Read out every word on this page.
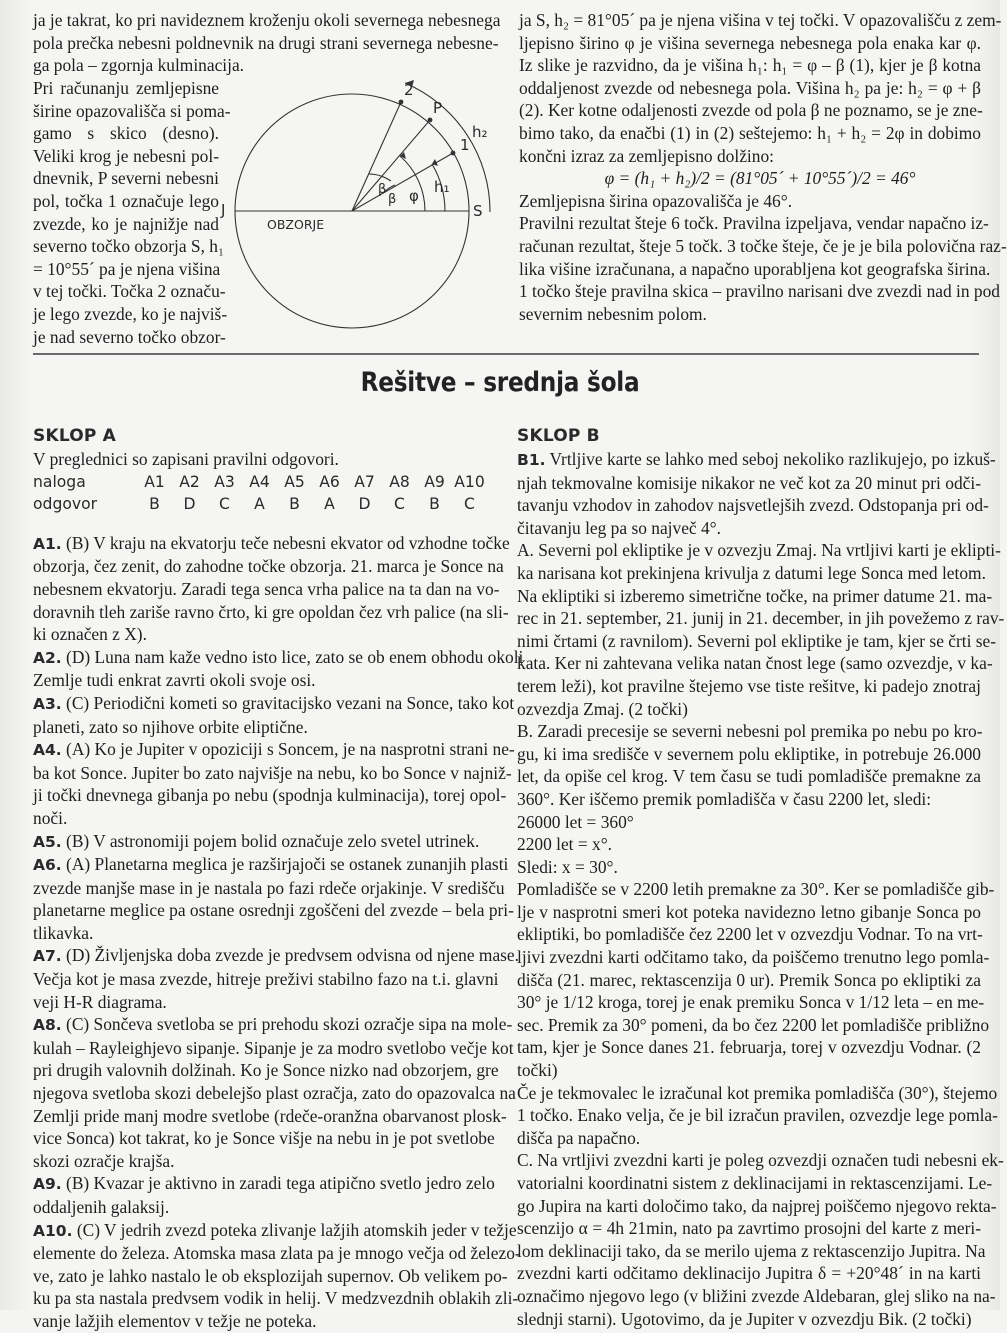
ja je takrat, ko pri navideznem kroženju okoli severnega nebesnega
pola prečka nebesni poldnevnik na drugi strani severnega nebesne-
ga pola – zgornja kulminacija.
Pri računanju zemljepisne
širine opazovališča si poma-
gamo s skico (desno).
Veliki krog je nebesni pol-
dnevnik, P severni nebesni
pol, točka 1 označuje lego
zvezde, ko je najnižje nad
severno točko obzorja S, h₁
= 10°55´ pa je njena višina
v tej točki. Točka 2 označu-
je lego zvezde, ko je najviš-
je nad severno točko obzor-
2
P
1
h₂
h₁
φ
β
β
J	S
OBZORJE
ja S, h₂ = 81°05´ pa je njena višina v tej točki. V opazovališču z zem-
ljepisno širino φ je višina severnega nebesnega pola enaka kar φ.
Iz slike je razvidno, da je višina h₁: h₁ = φ – β (1), kjer je β kotna
oddaljenost zvezde od nebesnega pola. Višina h₂ pa je: h₂ = φ + β
(2). Ker kotne odaljenosti zvezde od pola β ne poznamo, se je zne-
bimo tako, da enačbi (1) in (2) seštejemo: h₁ + h₂ = 2φ in dobimo
končni izraz za zemljepisno dolžino:
φ = (h₁ + h₂)/2 = (81°05´ + 10°55´)/2 = 46°
Zemljepisna širina opazovališča je 46°.
Pravilni rezultat šteje 6 točk. Pravilna izpeljava, vendar napačno iz-
računan rezultat, šteje 5 točk. 3 točke šteje, če je je bila polovična raz-
lika višine izračunana, a napačno uporabljena kot geografska širina.
1 točko šteje pravilna skica – pravilno narisani dve zvezdi nad in pod
severnim nebesnim polom.
Rešitve – srednja šola
SKLOP A
V preglednici so zapisani pravilni odgovori.
naloga	A1	A2	A3	A4	A5	A6	A7	A8	A9	A10
odgovor	B	D	C	A	B	A	D	C	B	C
A1. (B) V kraju na ekvatorju teče nebesni ekvator od vzhodne točke
obzorja, čez zenit, do zahodne točke obzorja. 21. marca je Sonce na
nebesnem ekvatorju. Zaradi tega senca vrha palice na ta dan na vo-
doravnih tleh zariše ravno črto, ki gre opoldan čez vrh palice (na sli-
ki označen z X).
A2. (D) Luna nam kaže vedno isto lice, zato se ob enem obhodu okoli
Zemlje tudi enkrat zavrti okoli svoje osi.
A3. (C) Periodični kometi so gravitacijsko vezani na Sonce, tako kot
planeti, zato so njihove orbite eliptične.
A4. (A) Ko je Jupiter v opoziciji s Soncem, je na nasprotni strani ne-
ba kot Sonce. Jupiter bo zato najvišje na nebu, ko bo Sonce v najniž-
ji točki dnevnega gibanja po nebu (spodnja kulminacija), torej opol-
noči.
A5. (B) V astronomiji pojem bolid označuje zelo svetel utrinek.
A6. (A) Planetarna meglica je razširjajoči se ostanek zunanjih plasti
zvezde manjše mase in je nastala po fazi rdeče orjakinje. V središču
planetarne meglice pa ostane osrednji zgoščeni del zvezde – bela pri-
tlikavka.
A7. (D) Življenjska doba zvezde je predvsem odvisna od njene mase.
Večja kot je masa zvezde, hitreje preživi stabilno fazo na t.i. glavni
veji H-R diagrama.
A8. (C) Sončeva svetloba se pri prehodu skozi ozračje sipa na mole-
kulah – Rayleighjevo sipanje. Sipanje je za modro svetlobo večje kot
pri drugih valovnih dolžinah. Ko je Sonce nizko nad obzorjem, gre
njegova svetloba skozi debelejšo plast ozračja, zato do opazovalca na
Zemlji pride manj modre svetlobe (rdeče-oranžna obarvanost plosk-
vice Sonca) kot takrat, ko je Sonce višje na nebu in je pot svetlobe
skozi ozračje krajša.
A9. (B) Kvazar je aktivno in zaradi tega atipično svetlo jedro zelo
oddaljenih galaksij.
A10. (C) V jedrih zvezd poteka zlivanje lažjih atomskih jeder v težje
elemente do železa. Atomska masa zlata pa je mnogo večja od železo-
ve, zato je lahko nastalo le ob eksplozijah supernov. Ob velikem po-
ku pa sta nastala predvsem vodik in helij. V medzvezdnih oblakih zli-
vanje lažjih elementov v težje ne poteka.
SKLOP B
B1. Vrtljive karte se lahko med seboj nekoliko razlikujejo, po izkuš-
njah tekmovalne komisije nikakor ne več kot za 20 minut pri odči-
tavanju vzhodov in zahodov najsvetlejših zvezd. Odstopanja pri od-
čitavanju leg pa so največ 4°.
A. Severni pol ekliptike je v ozvezju Zmaj. Na vrtljivi karti je eklipti-
ka narisana kot prekinjena krivulja z datumi lege Sonca med letom.
Na ekliptiki si izberemo simetrične točke, na primer datume 21. ma-
rec in 21. september, 21. junij in 21. december, in jih povežemo z rav-
nimi črtami (z ravnilom). Severni pol ekliptike je tam, kjer se črti se-
kata. Ker ni zahtevana velika natan čnost lege (samo ozvezdje, v ka-
terem leži), kot pravilne štejemo vse tiste rešitve, ki padejo znotraj
ozvezdja Zmaj. (2 točki)
B. Zaradi precesije se severni nebesni pol premika po nebu po kro-
gu, ki ima središče v severnem polu ekliptike, in potrebuje 26.000
let, da opiše cel krog. V tem času se tudi pomladišče premakne za
360°. Ker iščemo premik pomladišča v času 2200 let, sledi:
26000 let = 360°
2200 let = x°.
Sledi: x = 30°.
Pomladišče se v 2200 letih premakne za 30°. Ker se pomladišče gib-
lje v nasprotni smeri kot poteka navidezno letno gibanje Sonca po
ekliptiki, bo pomladišče čez 2200 let v ozvezdju Vodnar. To na vrt-
ljivi zvezdni karti odčitamo tako, da poiščemo trenutno lego pomla-
dišča (21. marec, rektascenzija 0 ur). Premik Sonca po ekliptiki za
30° je 1/12 kroga, torej je enak premiku Sonca v 1/12 leta – en me-
sec. Premik za 30° pomeni, da bo čez 2200 let pomladišče približno
tam, kjer je Sonce danes 21. februarja, torej v ozvezdju Vodnar. (2
točki)
Če je tekmovalec le izračunal kot premika pomladišča (30°), štejemo
1 točko. Enako velja, če je bil izračun pravilen, ozvezdje lege pomla-
dišča pa napačno.
C. Na vrtljivi zvezdni karti je poleg ozvezdji označen tudi nebesni ek-
vatorialni koordinatni sistem z deklinacijami in rektascenzijami. Le-
go Jupira na karti določimo tako, da najprej poiščemo njegovo rekta-
scenzijo α = 4h 21min, nato pa zavrtimo prosojni del karte z meri-
lom deklinaciji tako, da se merilo ujema z rektascenzijo Jupitra. Na
zvezdni karti odčitamo deklinacijo Jupitra δ = +20°48´ in na karti
označimo njegovo lego (v bližini zvezde Aldebaran, glej sliko na na-
slednji starni). Ugotovimo, da je Jupiter v ozvezdju Bik. (2 točki)
